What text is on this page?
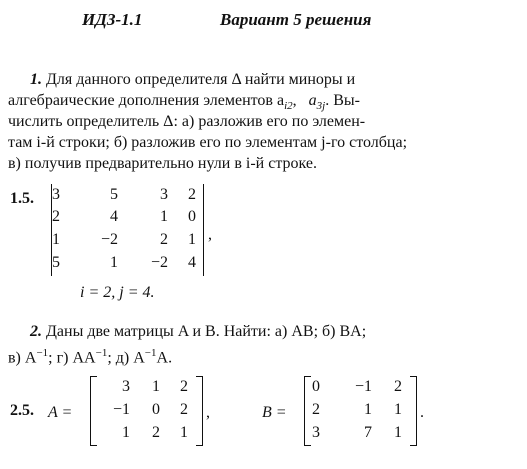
ИДЗ-1.1	Вариант 5 решения
1. Для данного определителя Δ найти миноры и
алгебраические дополнения элементов $a_{i2}$,   $a_{3j}$. Вы-
числить определитель Δ: а) разложив его по элемен-
там i-й строки; б) разложив его по элементам j-го столбца;
в) получив предварительно нули в i-й строке.
1.5.
,
3	5	3	2
2	4	1	0
1	−2	2	1
5	1	−2	4
i = 2, j = 4.
2. Даны две матрицы A и B. Найти: а) AB; б) BA;
в) $A^{-1}$; г) $AA^{-1}$; д) $A^{-1}A$.
2.5. A =	,
3	1	2
−1	0	2
1	2	1
B =	.
0	−1	2
2	1	1
3	7	1
